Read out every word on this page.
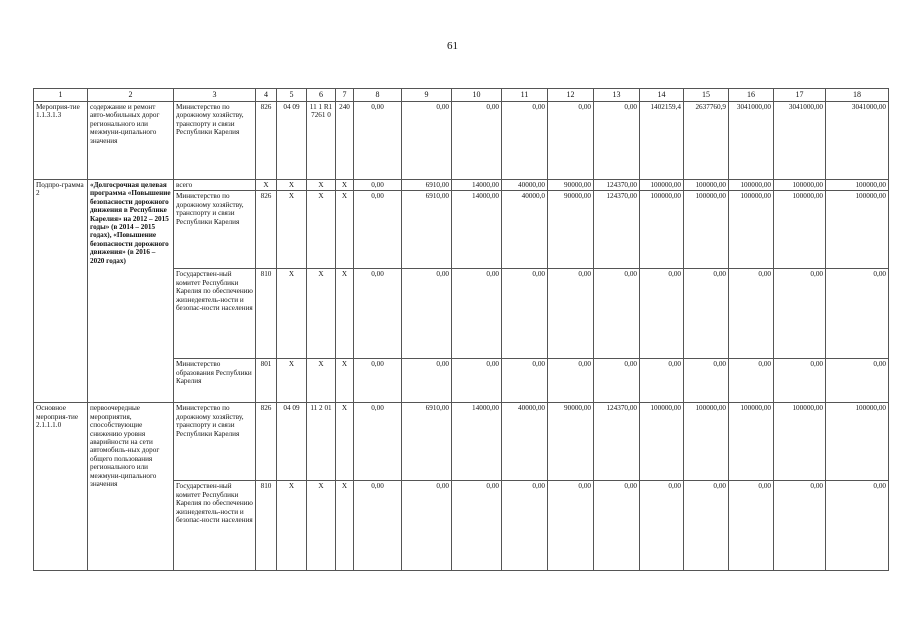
61
1	2	3	4	5	6	7	8	9	10	11	12	13	14	15	16	17	18
Мероприя-тие 1.1.3.1.3	содержание и ремонт авто-мобильных дорог регионального или межмуни-ципального значения	Министерство по дорожному хозяйству, транспорту и связи Республики Карелия	826	04 09	11 1 R1 7261 0	240	0,00	0,00	0,00	0,00	0,00	0,00	1402159,4	2637760,9	3041000,00	3041000,00	3041000,00
Подпро-грамма 2	«Долгосрочная целевая программа «Повышение безопасности дорожного движения в Республике Карелия» на 2012 – 2015 годы» (в 2014 – 2015 годах), «Повышение безопасности дорожного движения» (в 2016 – 2020 годах)	всего	X	X	X	X	0,00	6910,00	14000,00	40000,00	90000,00	124370,00	100000,00	100000,00	100000,00	100000,00	100000,00
		Министерство по дорожному хозяйству, транспорту и связи Республики Карелия	826	X	X	X	0,00	6910,00	14000,00	40000,0	90000,00	124370,00	100000,00	100000,00	100000,00	100000,00	100000,00
		Государствен-ный комитет Республики Карелия по обеспечению жизнедеятель-ности и безопас-ности населения	810	X	X	X	0,00	0,00	0,00	0,00	0,00	0,00	0,00	0,00	0,00	0,00	0,00
		Министерство образования Республики Карелия	801	X	X	X	0,00	0,00	0,00	0,00	0,00	0,00	0,00	0,00	0,00	0,00	0,00
Основное мероприя-тие 2.1.1.1.0	первоочередные мероприятия, способствующие снижению уровня аварийности на сети автомобиль-ных дорог общего пользования регионального или межмуни-ципального значения	Министерство по дорожному хозяйству, транспорту и связи Республики Карелия	826	04 09	11 2 01	X	0,00	6910,00	14000,00	40000,00	90000,00	124370,00	100000,00	100000,00	100000,00	100000,00	100000,00
		Государствен-ный комитет Республики Карелия по обеспечению жизнедеятель-ности и безопас-ности населения	810	X	X	X	0,00	0,00	0,00	0,00	0,00	0,00	0,00	0,00	0,00	0,00	0,00
